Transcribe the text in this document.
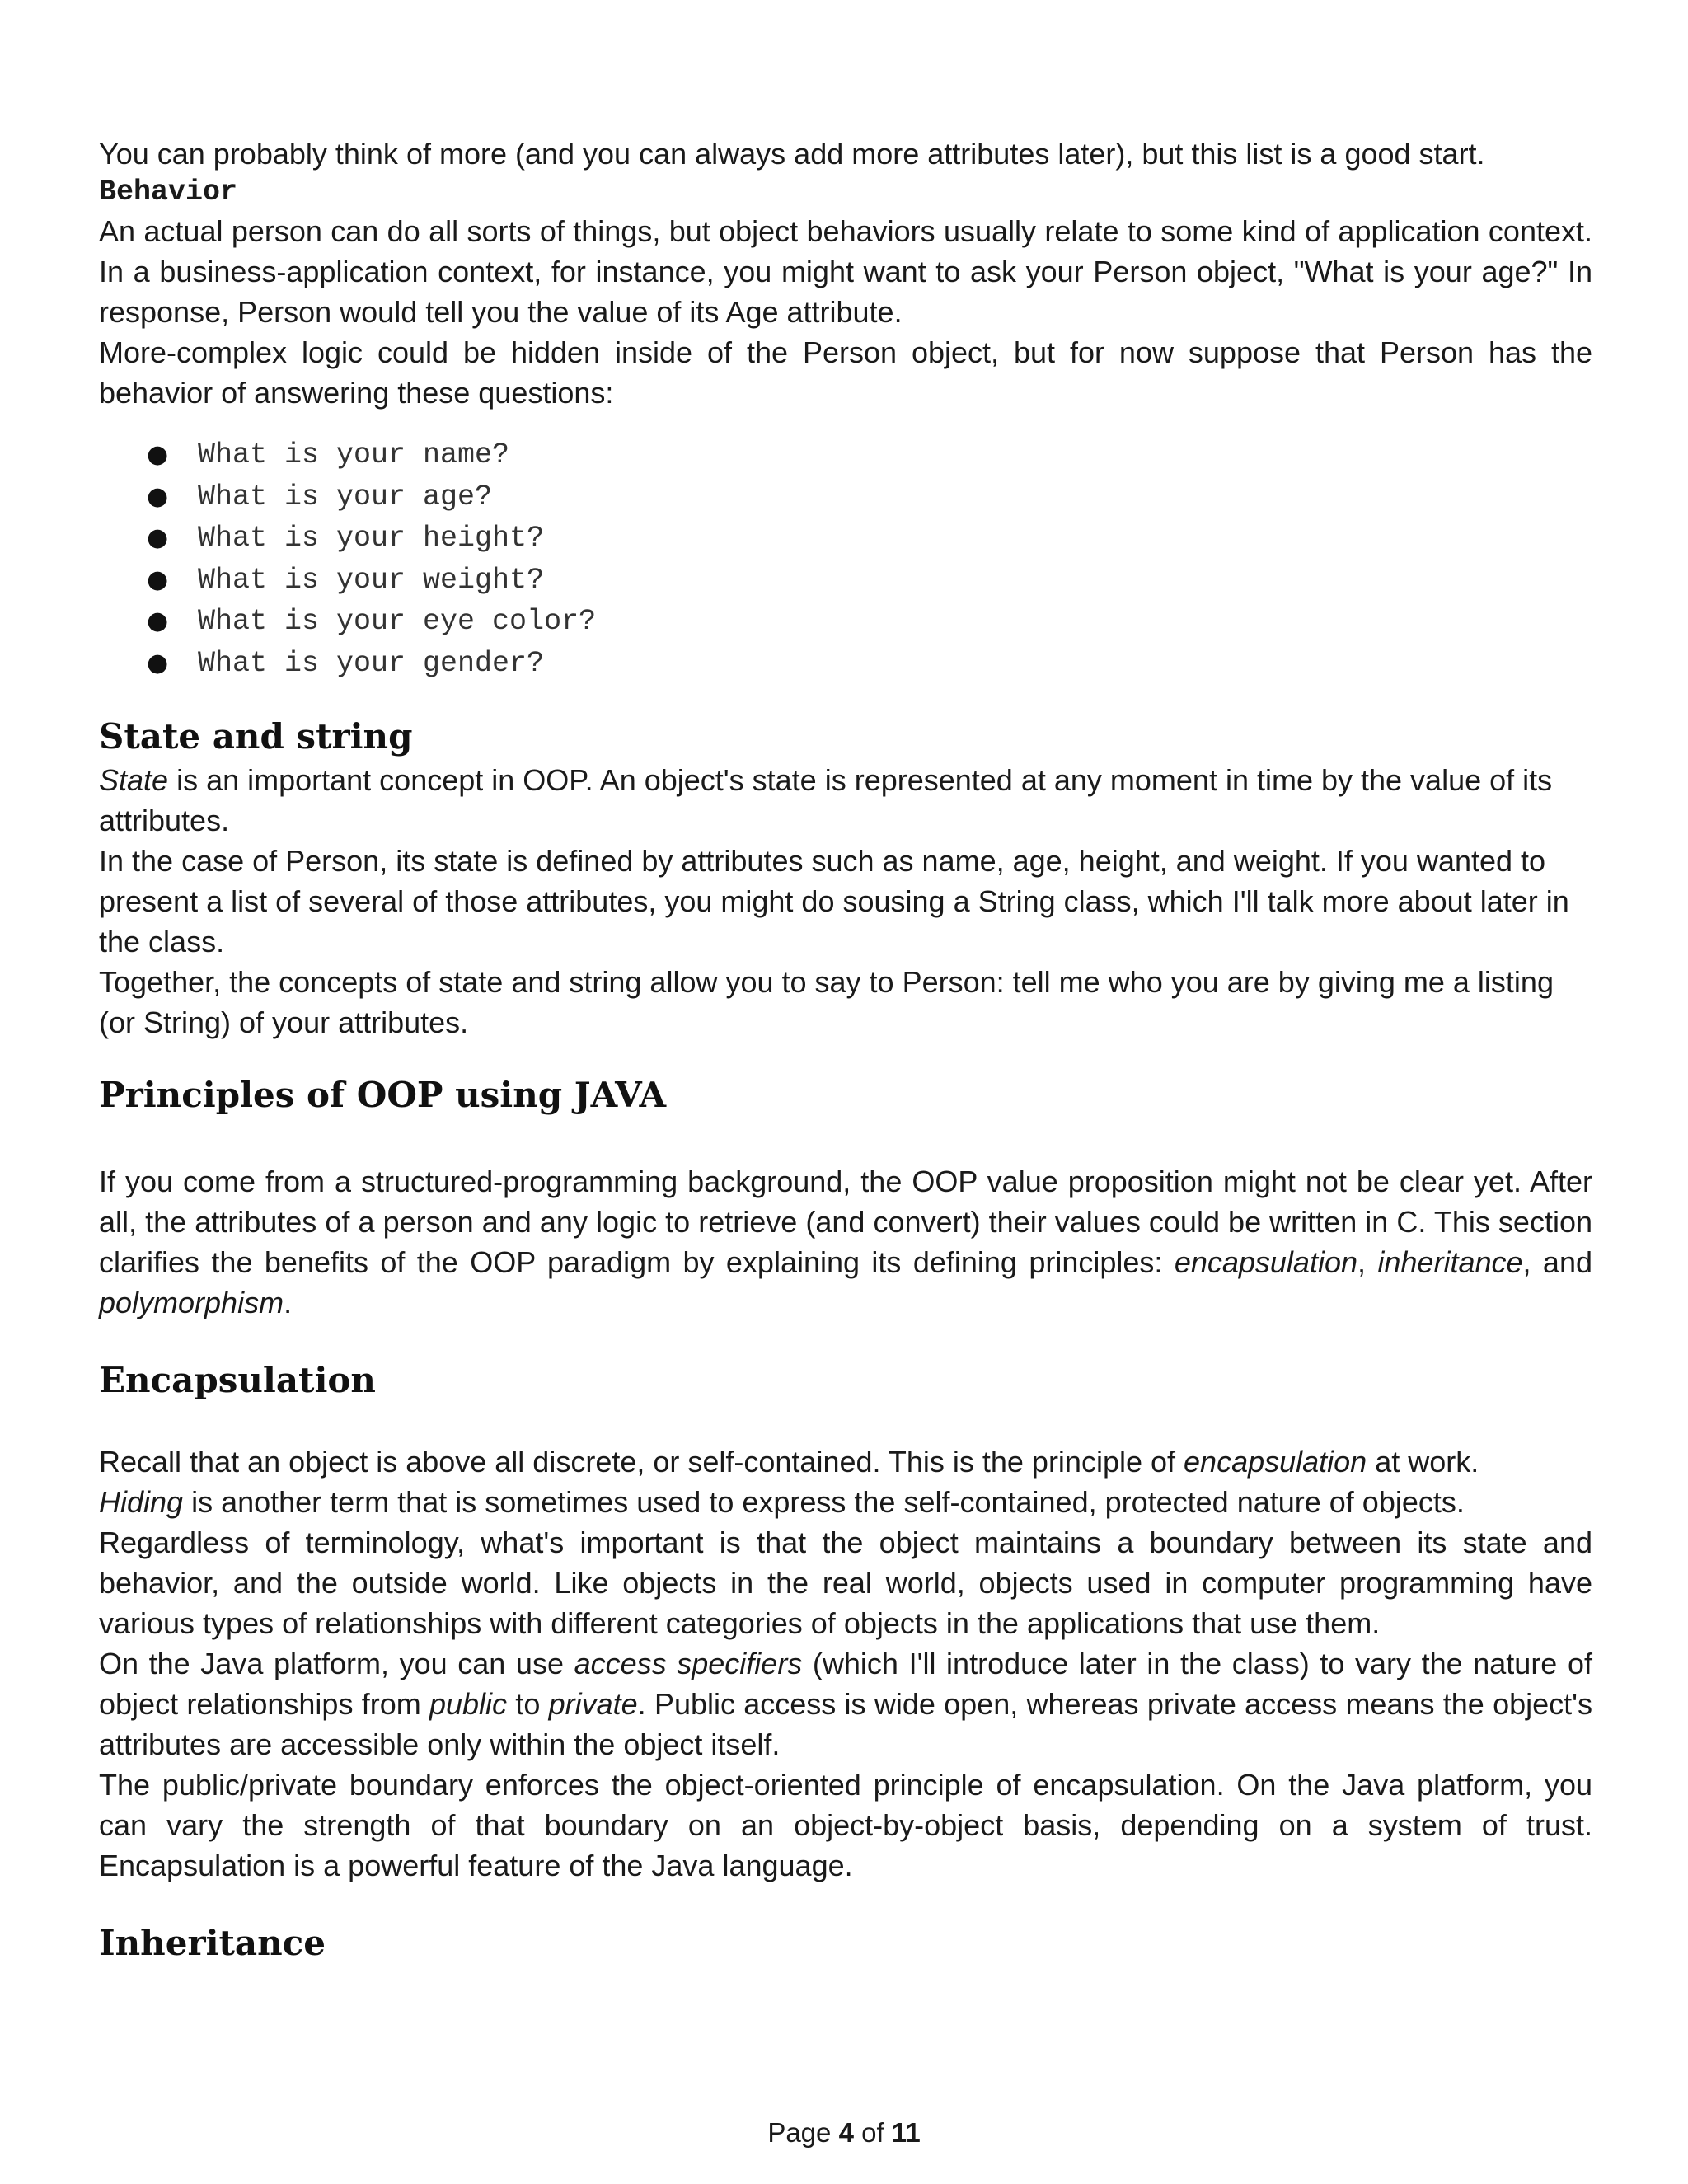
You can probably think of more (and you can always add more attributes later), but this list is a good start.

Behavior

An actual person can do all sorts of things, but object behaviors usually relate to some kind of application context. In a business-application context, for instance, you might want to ask your Person object, "What is your age?" In response, Person would tell you the value of its Age attribute.

More-complex logic could be hidden inside of the Person object, but for now suppose that Person has the behavior of answering these questions:

● What is your name?
● What is your age?
● What is your height?
● What is your weight?
● What is your eye color?
● What is your gender?
State and string

State is an important concept in OOP. An object's state is represented at any moment in time by the value of its attributes.

In the case of Person, its state is defined by attributes such as name, age, height, and weight. If you wanted to present a list of several of those attributes, you might do sousing a String class, which I'll talk more about later in the class.

Together, the concepts of state and string allow you to say to Person: tell me who you are by giving me a listing (or String) of your attributes.

Principles of OOP using JAVA

If you come from a structured-programming background, the OOP value proposition might not be clear yet. After all, the attributes of a person and any logic to retrieve (and convert) their values could be written in C. This section clarifies the benefits of the OOP paradigm by explaining its defining principles: encapsulation, inheritance, and polymorphism.

Encapsulation

Recall that an object is above all discrete, or self-contained. This is the principle of encapsulation at work.

Hiding is another term that is sometimes used to express the self-contained, protected nature of objects.

Regardless of terminology, what's important is that the object maintains a boundary between its state and behavior, and the outside world. Like objects in the real world, objects used in computer programming have various types of relationships with different categories of objects in the applications that use them.

On the Java platform, you can use access specifiers (which I'll introduce later in the class) to vary the nature of object relationships from public to private. Public access is wide open, whereas private access means the object's attributes are accessible only within the object itself.

The public/private boundary enforces the object-oriented principle of encapsulation. On the Java platform, you can vary the strength of that boundary on an object-by-object basis, depending on a system of trust. Encapsulation is a powerful feature of the Java language.

Inheritance
Page 4 of 11
